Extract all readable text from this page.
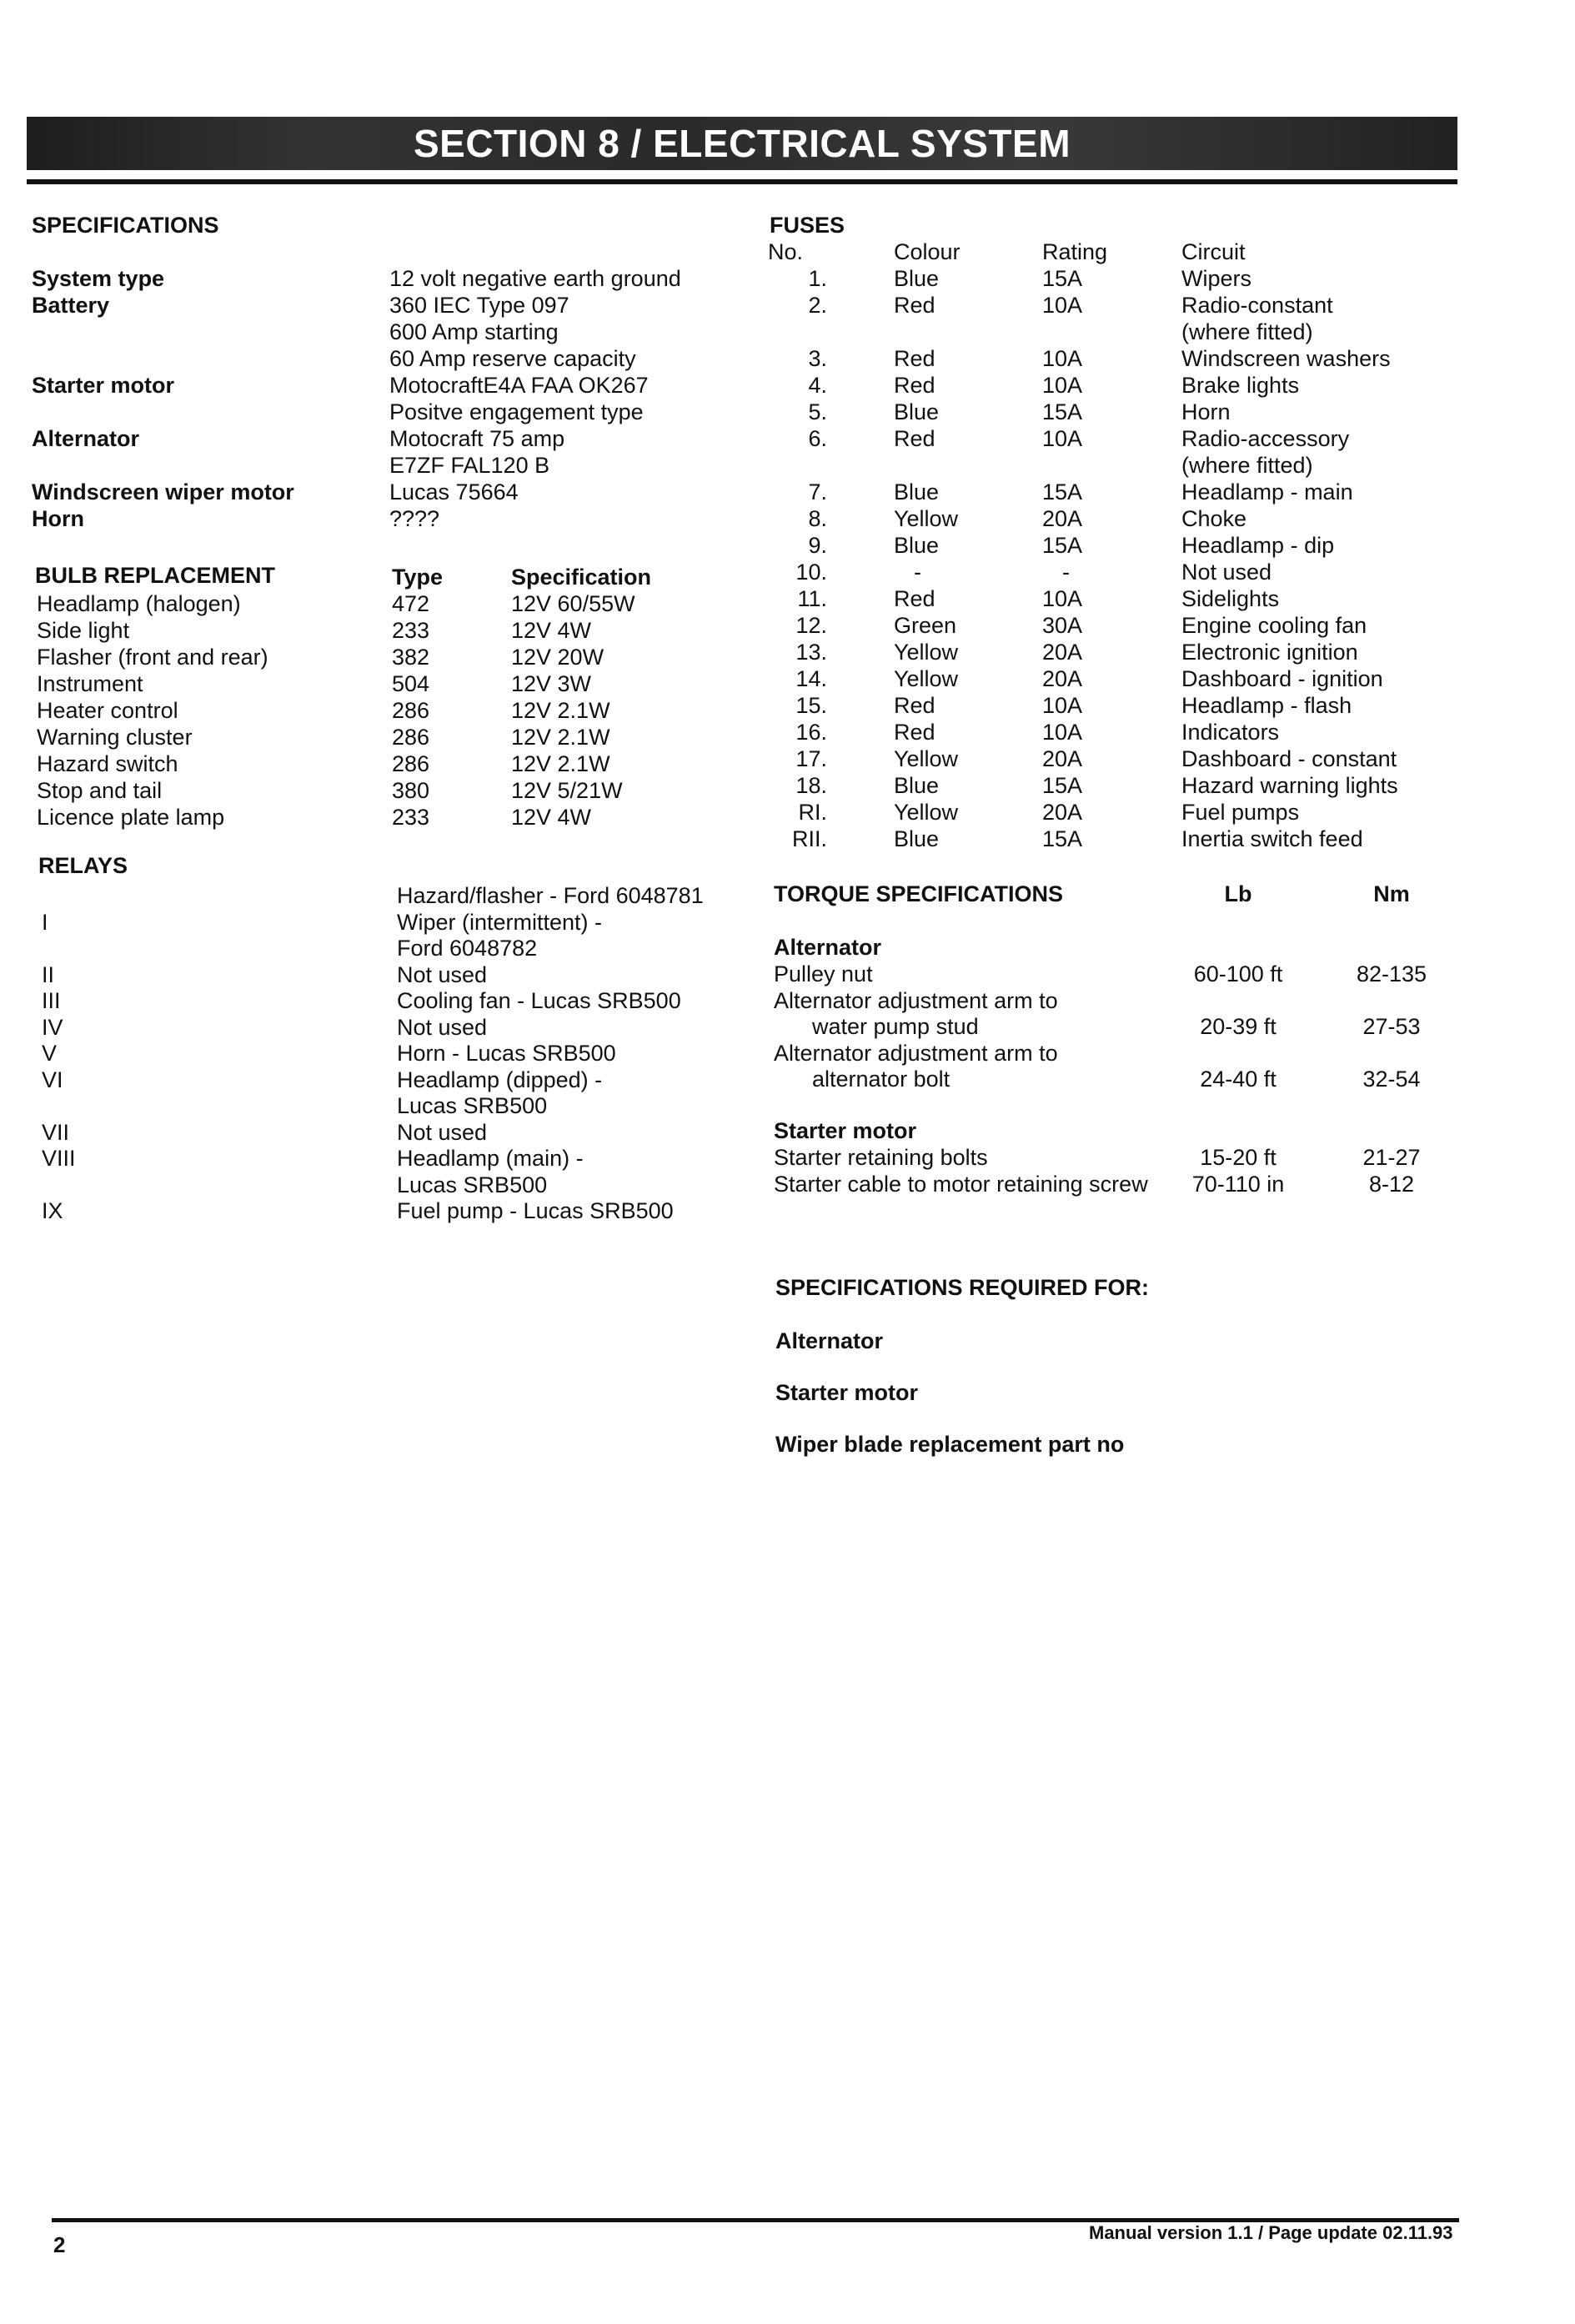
SECTION 8 / ELECTRICAL SYSTEM
SPECIFICATIONS
System type	12 volt negative earth ground
Battery	360 IEC Type 097
600 Amp starting
60 Amp reserve capacity
Starter motor	MotocraftE4A FAA OK267
Positve engagement type
Alternator	Motocraft 75 amp
E7ZF FAL120 B
Windscreen wiper motor	Lucas 75664
Horn	????
BULB REPLACEMENT	Type	Specification
Headlamp (halogen)	472	12V 60/55W
Side light	233	12V 4W
Flasher (front and rear)	382	12V 20W
Instrument	504	12V 3W
Heater control	286	12V 2.1W
Warning cluster	286	12V 2.1W
Hazard switch	286	12V 2.1W
Stop and tail	380	12V 5/21W
Licence plate lamp	233	12V 4W
RELAYS
Hazard/flasher - Ford 6048781
I	Wiper (intermittent) -
Ford 6048782
II	Not used
III	Cooling fan - Lucas SRB500
IV	Not used
V	Horn - Lucas SRB500
VI	Headlamp (dipped) -
Lucas SRB500
VII	Not used
VIII	Headlamp (main) -
Lucas SRB500
IX	Fuel pump - Lucas SRB500
FUSES
No.	Colour	Rating	Circuit
1.	Blue	15A	Wipers
2.	Red	10A	Radio-constant
(where fitted)
3.	Red	10A	Windscreen washers
4.	Red	10A	Brake lights
5.	Blue	15A	Horn
6.	Red	10A	Radio-accessory
(where fitted)
7.	Blue	15A	Headlamp - main
8.	Yellow	20A	Choke
9.	Blue	15A	Headlamp - dip
10.	-	-	Not used
11.	Red	10A	Sidelights
12.	Green	30A	Engine cooling fan
13.	Yellow	20A	Electronic ignition
14.	Yellow	20A	Dashboard - ignition
15.	Red	10A	Headlamp - flash
16.	Red	10A	Indicators
17.	Yellow	20A	Dashboard - constant
18.	Blue	15A	Hazard warning lights
RI.	Yellow	20A	Fuel pumps
RII.	Blue	15A	Inertia switch feed
TORQUE SPECIFICATIONS	Lb	Nm
Alternator
Pulley nut	60-100 ft	82-135
Alternator adjustment arm to
water pump stud	20-39 ft	27-53
Alternator adjustment arm to
alternator bolt	24-40 ft	32-54
Starter motor
Starter retaining bolts	15-20 ft	21-27
Starter cable to motor retaining screw	70-110 in	8-12
SPECIFICATIONS REQUIRED FOR:
Alternator
Starter motor
Wiper blade replacement part no
2	Manual version 1.1 / Page update 02.11.93
